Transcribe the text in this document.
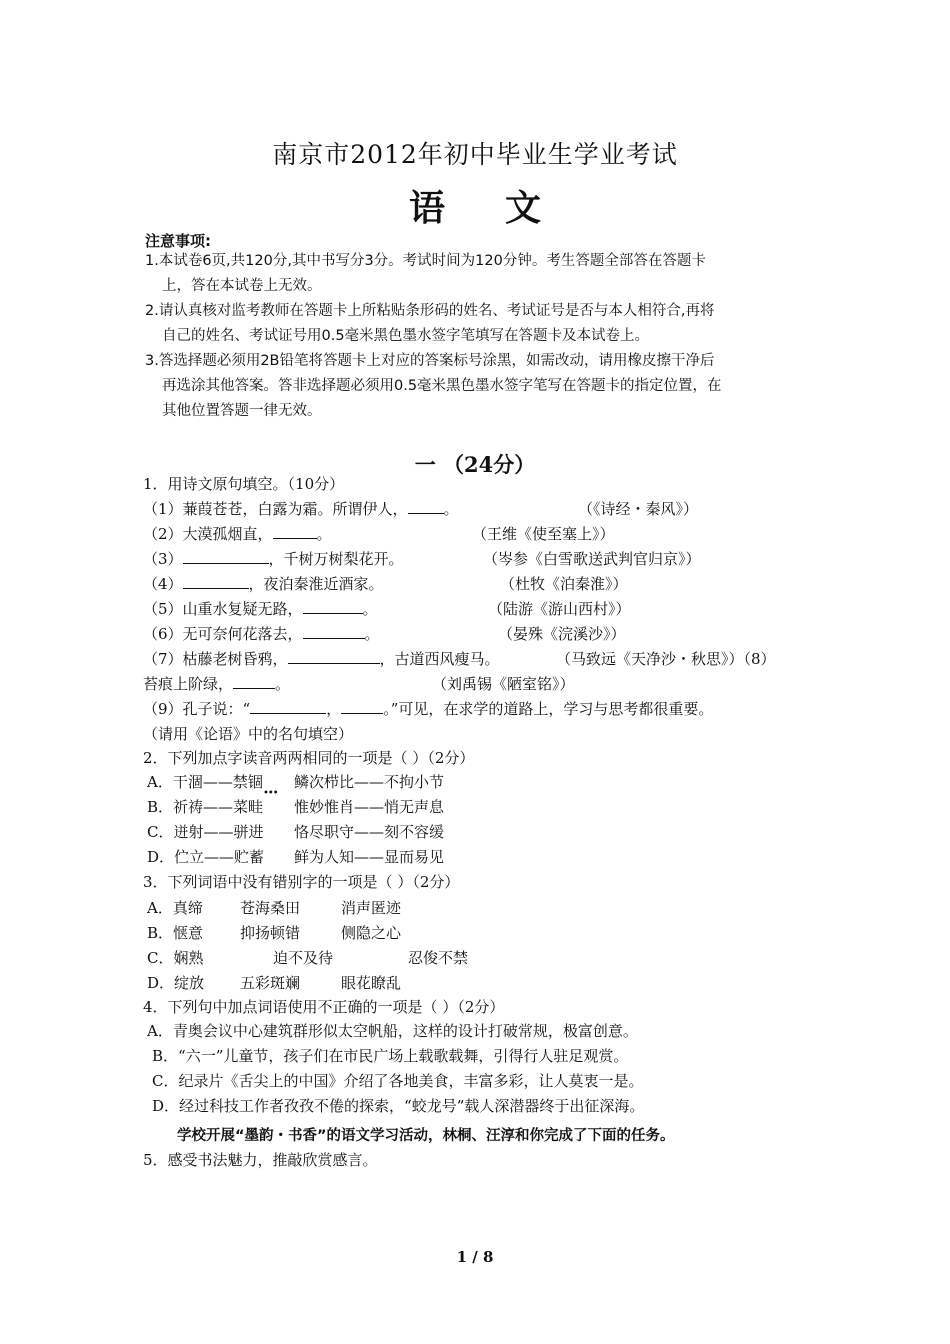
南京市2012年初中毕业生学业考试
语文
注意事项:
1.本试卷6页,共120分,其中书写分3分。考试时间为120分钟。考生答题全部答在答题卡
上，答在本试卷上无效。
2.请认真核对监考教师在答题卡上所粘贴条形码的姓名、考试证号是否与本人相符合,再将
自己的姓名、考试证号用0.5毫米黑色墨水签字笔填写在答题卡及本试卷上。
3.答选择题必须用2B铅笔将答题卡上对应的答案标号涂黑，如需改动，请用橡皮擦干净后
再选涂其他答案。答非选择题必须用0.5毫米黑色墨水签字笔写在答题卡的指定位置，在
其他位置答题一律无效。
一 （24分）
1．用诗文原句填空。（10分）
（1）蒹葭苍苍，白露为霜。所谓伊人， 。	（《诗经・秦风》）
（2）大漠孤烟直，	。	（王维《使至塞上》）
（3）	，千树万树梨花开。	（岑参《白雪歌送武判官归京》）
（4）	，夜泊秦淮近酒家。	（杜牧《泊秦淮》）
（5）山重水复疑无路，	。	（陆游《游山西村》）
（6）无可奈何花落去，	。	（晏殊《浣溪沙》）
（7）枯藤老树昏鸦，	，古道西风瘦马。	（马致远《天净沙・秋思》）（8）
苔痕上阶绿，	。	（刘禹锡《陋室铭》）
（9）孔子说：“	，	。”可见，在求学的道路上，学习与思考都很重要。
（请用《论语》中的名句填空）
2．下列加点字读音两两相同的一项是（ ）（2分）
A．干涸——禁锢 鳞次栉比——不拘小节
•••
B．祈祷——菜畦 惟妙惟肖——悄无声息
C．迸射——骈进 恪尽职守——刻不容缓
D．伫立——贮蓄 鲜为人知——显而易见
3．下列词语中没有错别字的一项是（ ）（2分）
A．真缔 苍海桑田	消声匿迹
B．惬意 抑扬顿错	侧隐之心
C．娴熟	迫不及待	忍俊不禁
D．绽放 五彩斑斓	眼花瞭乱
4．下列句中加点词语使用不正确的一项是（ ）（2分）
A．青奥会议中心建筑群形似太空帆船，这样的设计打破常规，极富创意。
B．“六一”儿童节，孩子们在市民广场上载歌载舞，引得行人驻足观赏。
C．纪录片《舌尖上的中国》介绍了各地美食，丰富多彩，让人莫衷一是。
D．经过科技工作者孜孜不倦的探索，“蛟龙号”载人深潜器终于出征深海。
学校开展“墨韵・书香”的语文学习活动，林桐、汪淳和你完成了下面的任务。
5．感受书法魅力，推敲欣赏感言。
1 / 8
